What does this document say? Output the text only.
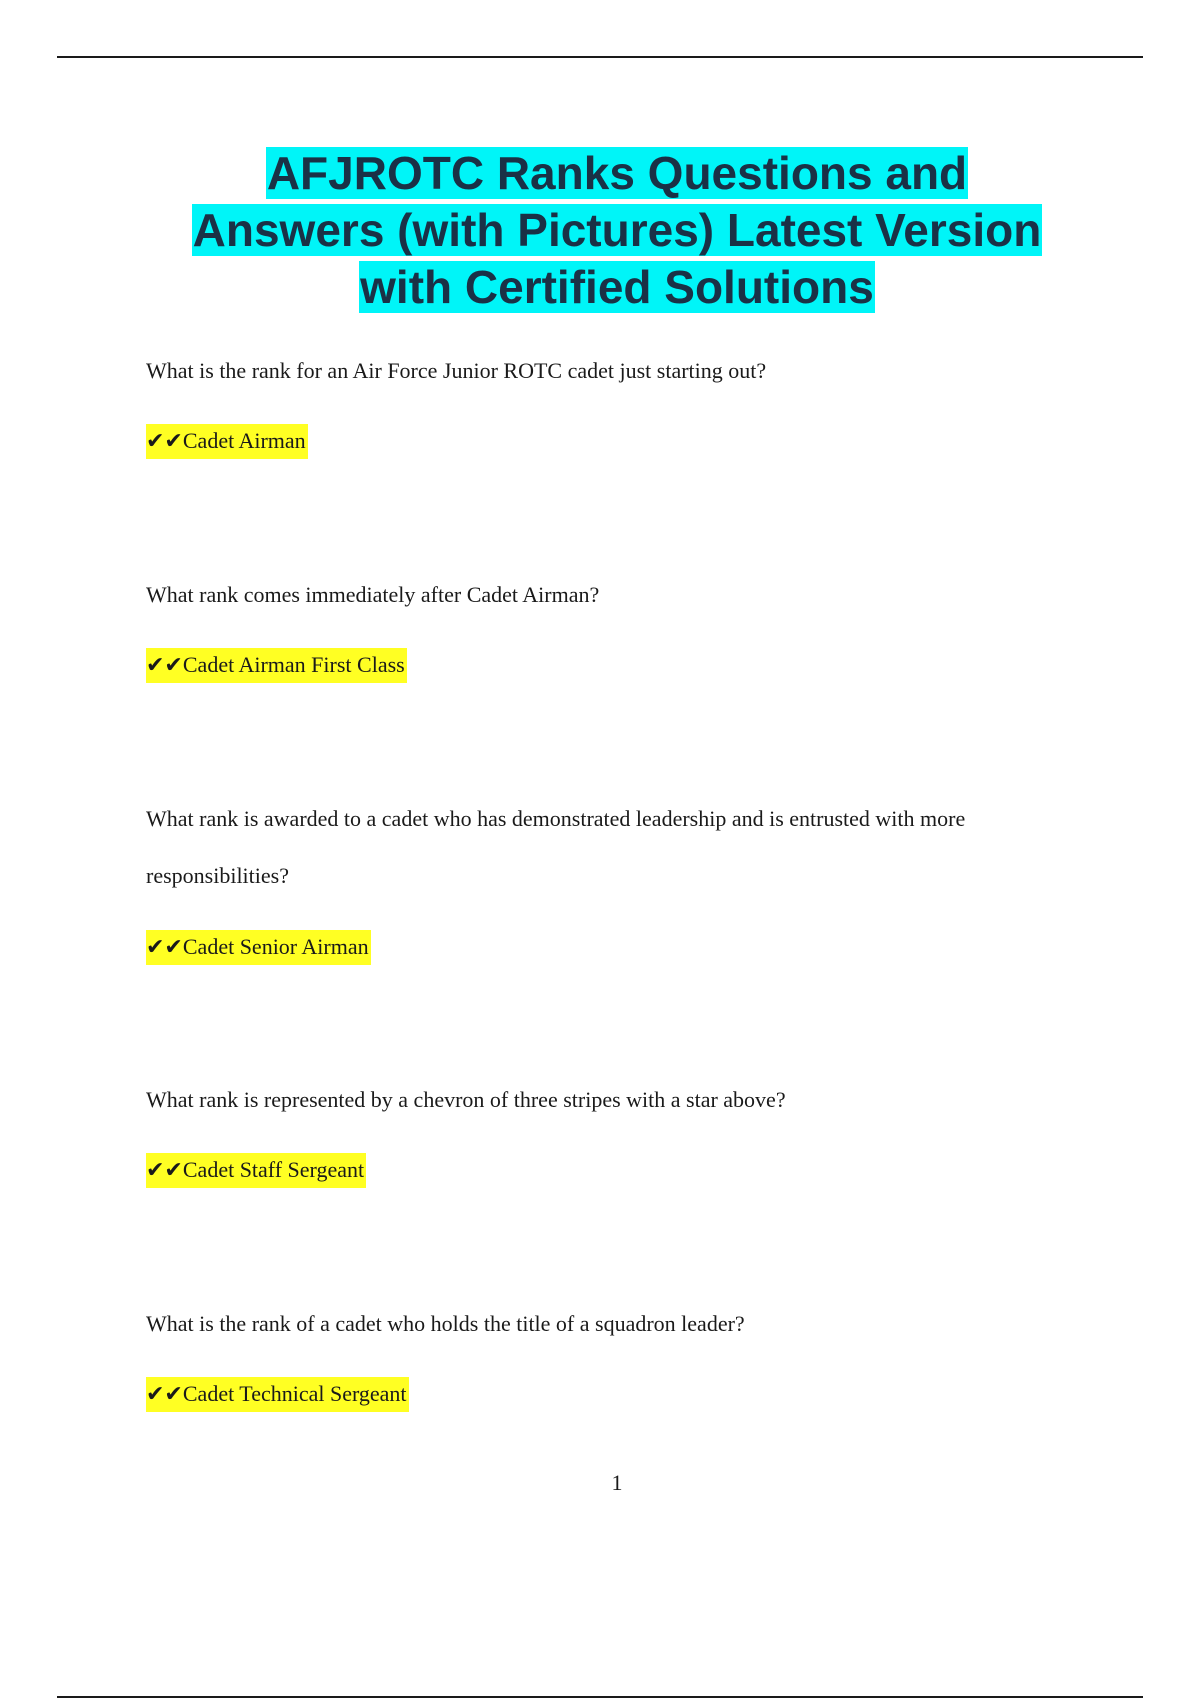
AFJROTC Ranks Questions and
Answers (with Pictures) Latest Version
with Certified Solutions
What is the rank for an Air Force Junior ROTC cadet just starting out?
✔✔Cadet Airman
What rank comes immediately after Cadet Airman?
✔✔Cadet Airman First Class
What rank is awarded to a cadet who has demonstrated leadership and is entrusted with more
responsibilities?
✔✔Cadet Senior Airman
What rank is represented by a chevron of three stripes with a star above?
✔✔Cadet Staff Sergeant
What is the rank of a cadet who holds the title of a squadron leader?
✔✔Cadet Technical Sergeant
1
